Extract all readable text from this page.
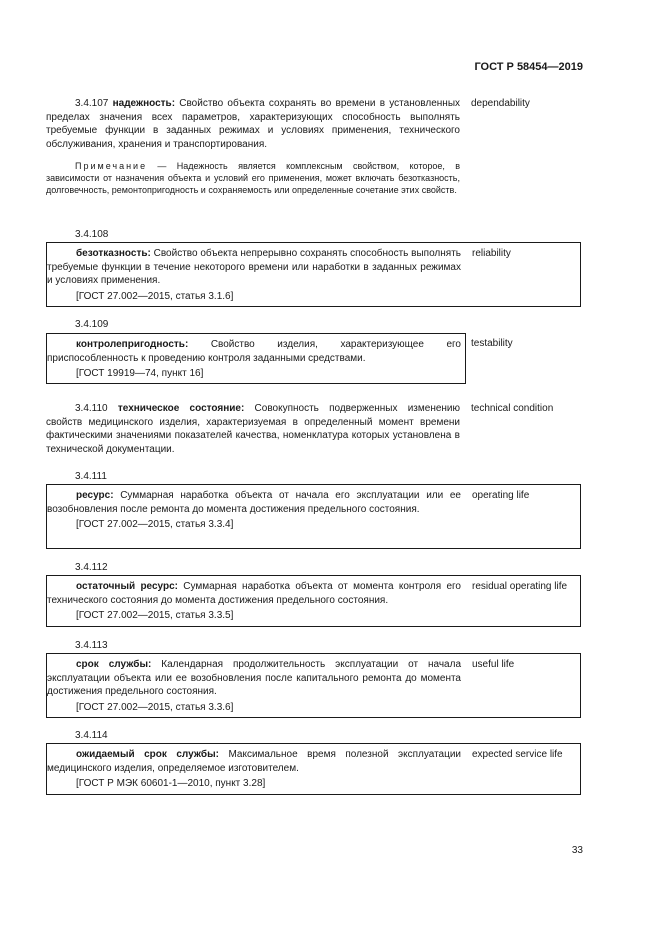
ГОСТ Р 58454—2019

3.4.107 надежность: Свойство объекта сохранять во времени в установленных пределах значения всех параметров, характеризующих способность выполнять требуемые функции в заданных режимах и условиях применения, технического обслуживания, хранения и транспортирования.

dependability
Примечание — Надежность является комплексным свойством, которое, в зависимости от назначения объекта и условий его применения, может включать безотказность, долговечность, ремонтопригодность и сохраняемость или определенные сочетание этих свойств.
3.4.108

безотказность: Свойство объекта непрерывно сохранять способность выполнять требуемые функции в течение некоторого времени или наработки в заданных режимах и условиях применения.

[ГОСТ 27.002—2015, статья 3.1.6]
reliability
3.4.109

контролепригодность: Свойство изделия, характеризующее его приспособленность к проведению контроля заданными средствами.

[ГОСТ 19919—74, пункт 16]
testability

3.4.110 техническое состояние: Совокупность подверженных изменению свойств медицинского изделия, характеризуемая в определенный момент времени фактическими значениями показателей качества, номенклатура которых установлена в технической документации.

technical condition
3.4.111

ресурс: Суммарная наработка объекта от начала его эксплуатации или ее возобновления после ремонта до момента достижения предельного состояния.

[ГОСТ 27.002—2015, статья 3.3.4]
operating life
3.4.112

остаточный ресурс: Суммарная наработка объекта от момента контроля его технического состояния до момента достижения предельного состояния.

[ГОСТ 27.002—2015, статья 3.3.5]
residual operating life
3.4.113

срок службы: Календарная продолжительность эксплуатации от начала эксплуатации объекта или ее возобновления после капитального ремонта до момента достижения предельного состояния.

[ГОСТ 27.002—2015, статья 3.3.6]
useful life
3.4.114

ожидаемый срок службы: Максимальное время полезной эксплуатации медицинского изделия, определяемое изготовителем.

[ГОСТ Р МЭК 60601-1—2010, пункт 3.28]
expected service life
33
